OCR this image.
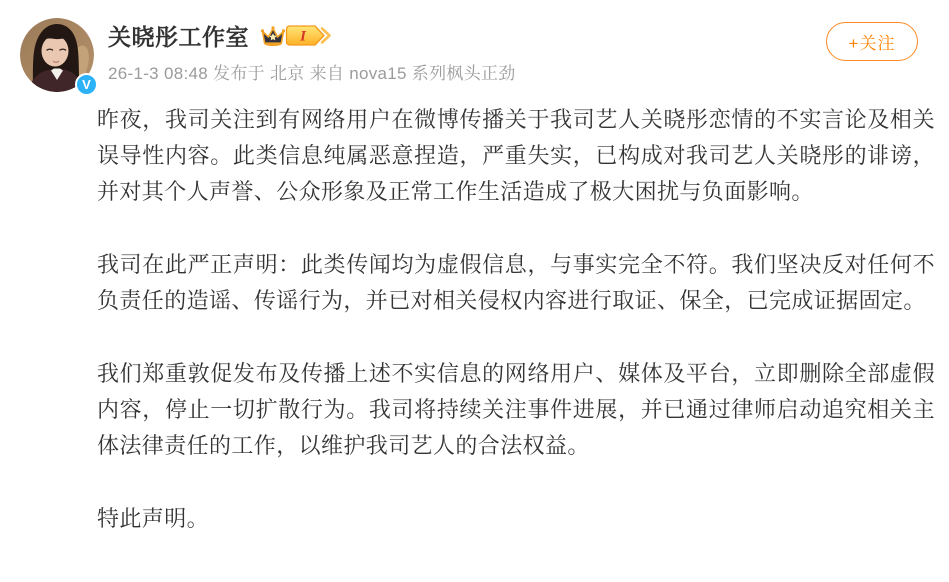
V
关晓彤工作室	I
26-1-3 08:48 发布于 北京 来自 nova15 系列枫头正劲
+关注

昨夜，我司关注到有网络用户在微博传播关于我司艺人关晓彤恋情的不实言论及相关误导性内容。此类信息纯属恶意捏造，严重失实，已构成对我司艺人关晓彤的诽谤，并对其个人声誉、公众形象及正常工作生活造成了极大困扰与负面影响。

我司在此严正声明：此类传闻均为虚假信息，与事实完全不符。我们坚决反对任何不负责任的造谣、传谣行为，并已对相关侵权内容进行取证、保全，已完成证据固定。

我们郑重敦促发布及传播上述不实信息的网络用户、媒体及平台，立即删除全部虚假内容，停止一切扩散行为。我司将持续关注事件进展，并已通过律师启动追究相关主体法律责任的工作，以维护我司艺人的合法权益。

特此声明。
